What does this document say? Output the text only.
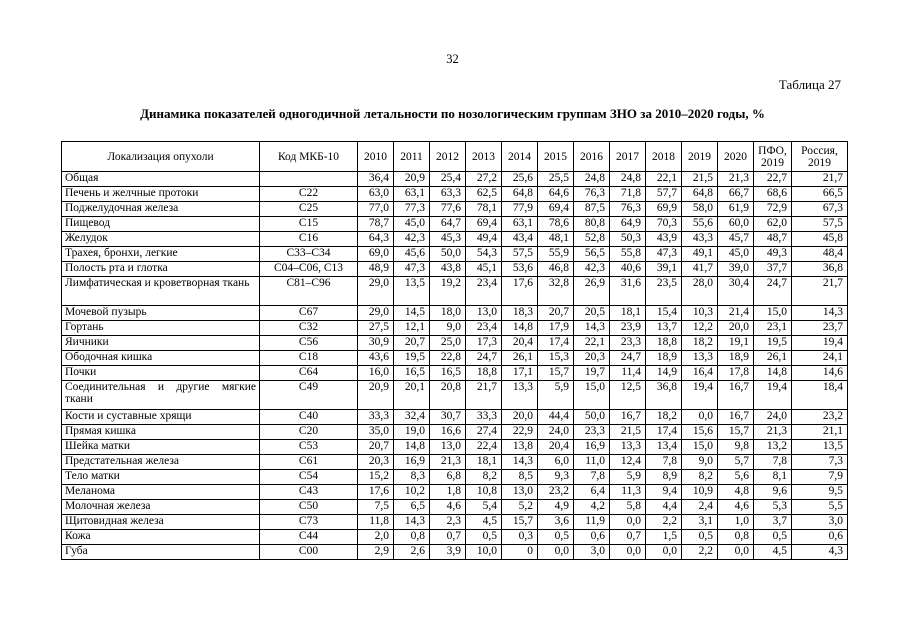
32
Таблица 27
Динамика показателей одногодичной летальности по нозологическим группам ЗНО за 2010–2020 годы, %
Локализация опухоли	Код МКБ-10	2010	2011	2012	2013	2014	2015	2016	2017	2018	2019	2020	ПФО, 2019	Россия, 2019
Общая		36,4	20,9	25,4	27,2	25,6	25,5	24,8	24,8	22,1	21,5	21,3	22,7	21,7
Печень и желчные протоки	C22	63,0	63,1	63,3	62,5	64,8	64,6	76,3	71,8	57,7	64,8	66,7	68,6	66,5
Поджелудочная железа	C25	77,0	77,3	77,6	78,1	77,9	69,4	87,5	76,3	69,9	58,0	61,9	72,9	67,3
Пищевод	C15	78,7	45,0	64,7	69,4	63,1	78,6	80,8	64,9	70,3	55,6	60,0	62,0	57,5
Желудок	C16	64,3	42,3	45,3	49,4	43,4	48,1	52,8	50,3	43,9	43,3	45,7	48,7	45,8
Трахея, бронхи, легкие	C33–C34	69,0	45,6	50,0	54,3	57,5	55,9	56,5	55,8	47,3	49,1	45,0	49,3	48,4
Полость рта и глотка	C04–C06, C13	48,9	47,3	43,8	45,1	53,6	46,8	42,3	40,6	39,1	41,7	39,0	37,7	36,8
Лимфатическая и кроветворная ткань	C81–C96	29,0	13,5	19,2	23,4	17,6	32,8	26,9	31,6	23,5	28,0	30,4	24,7	21,7
Мочевой пузырь	C67	29,0	14,5	18,0	13,0	18,3	20,7	20,5	18,1	15,4	10,3	21,4	15,0	14,3
Гортань	C32	27,5	12,1	9,0	23,4	14,8	17,9	14,3	23,9	13,7	12,2	20,0	23,1	23,7
Яичники	C56	30,9	20,7	25,0	17,3	20,4	17,4	22,1	23,3	18,8	18,2	19,1	19,5	19,4
Ободочная кишка	C18	43,6	19,5	22,8	24,7	26,1	15,3	20,3	24,7	18,9	13,3	18,9	26,1	24,1
Почки	C64	16,0	16,5	16,5	18,8	17,1	15,7	19,7	11,4	14,9	16,4	17,8	14,8	14,6
Соединительная и другие мягкие ткани	C49	20,9	20,1	20,8	21,7	13,3	5,9	15,0	12,5	36,8	19,4	16,7	19,4	18,4
Кости и суставные хрящи	C40	33,3	32,4	30,7	33,3	20,0	44,4	50,0	16,7	18,2	0,0	16,7	24,0	23,2
Прямая кишка	C20	35,0	19,0	16,6	27,4	22,9	24,0	23,3	21,5	17,4	15,6	15,7	21,3	21,1
Шейка матки	C53	20,7	14,8	13,0	22,4	13,8	20,4	16,9	13,3	13,4	15,0	9,8	13,2	13,5
Предстательная железа	C61	20,3	16,9	21,3	18,1	14,3	6,0	11,0	12,4	7,8	9,0	5,7	7,8	7,3
Тело матки	C54	15,2	8,3	6,8	8,2	8,5	9,3	7,8	5,9	8,9	8,2	5,6	8,1	7,9
Меланома	C43	17,6	10,2	1,8	10,8	13,0	23,2	6,4	11,3	9,4	10,9	4,8	9,6	9,5
Молочная железа	C50	7,5	6,5	4,6	5,4	5,2	4,9	4,2	5,8	4,4	2,4	4,6	5,3	5,5
Щитовидная железа	C73	11,8	14,3	2,3	4,5	15,7	3,6	11,9	0,0	2,2	3,1	1,0	3,7	3,0
Кожа	C44	2,0	0,8	0,7	0,5	0,3	0,5	0,6	0,7	1,5	0,5	0,8	0,5	0,6
Губа	C00	2,9	2,6	3,9	10,0	0	0,0	3,0	0,0	0,0	2,2	0,0	4,5	4,3
